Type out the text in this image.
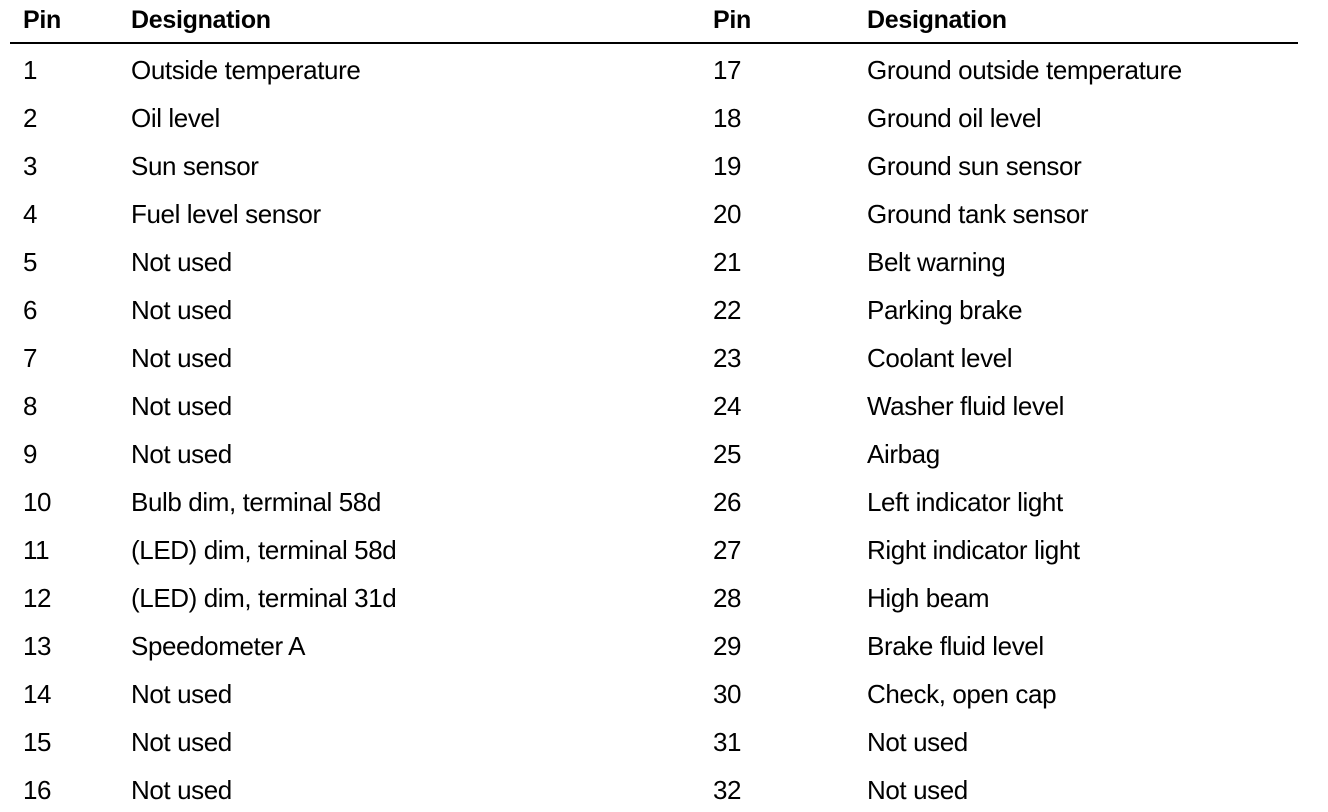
Pin	Designation
1	Outside temperature
2	Oil level
3	Sun sensor
4	Fuel level sensor
5	Not used
6	Not used
7	Not used
8	Not used
9	Not used
10	Bulb dim, terminal 58d
11	(LED) dim, terminal 58d
12	(LED) dim, terminal 31d
13	Speedometer A
14	Not used
15	Not used
16	Not used
Pin	Designation
17	Ground outside temperature
18	Ground oil level
19	Ground sun sensor
20	Ground tank sensor
21	Belt warning
22	Parking brake
23	Coolant level
24	Washer fluid level
25	Airbag
26	Left indicator light
27	Right indicator light
28	High beam
29	Brake fluid level
30	Check, open cap
31	Not used
32	Not used
